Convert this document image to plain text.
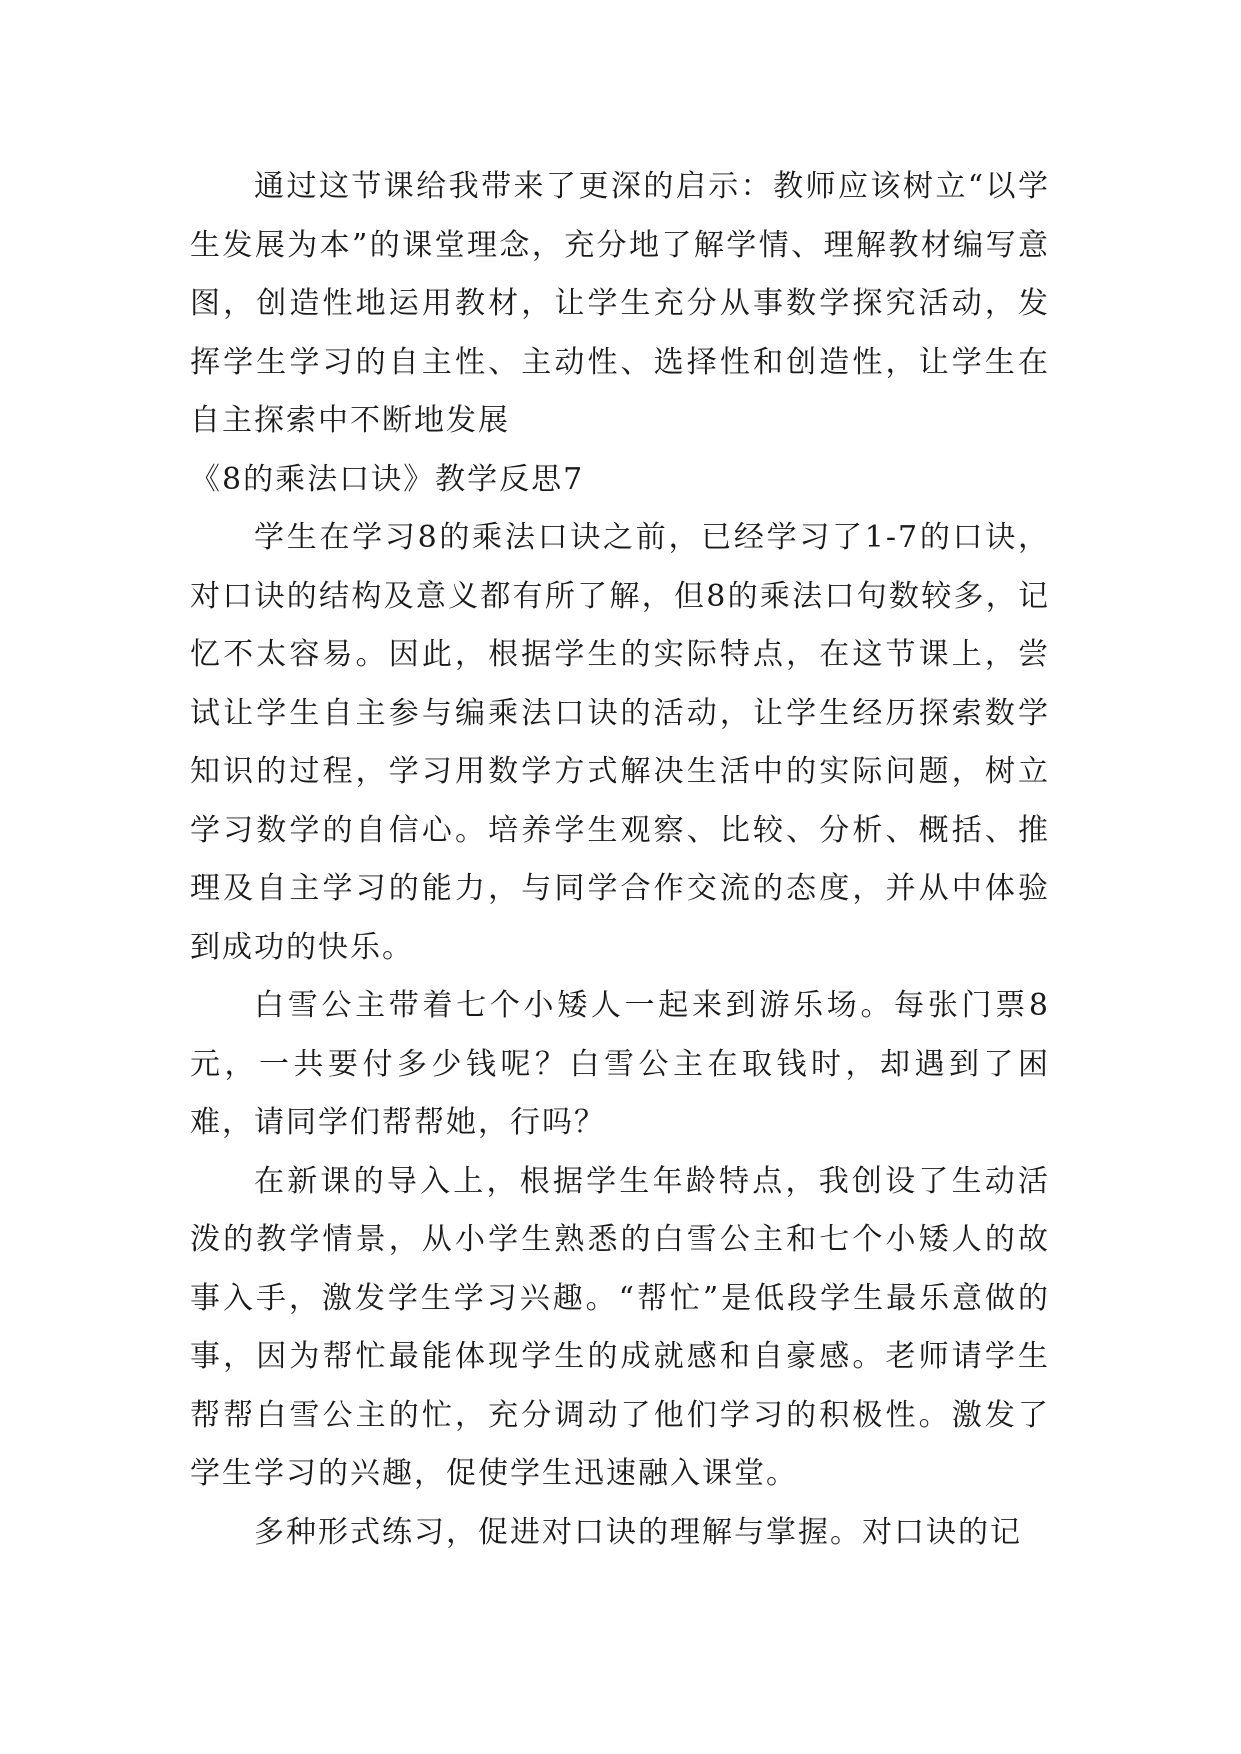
通过这节课给我带来了更深的启示：教师应该树立“以学生发展为本”的课堂理念，充分地了解学情、理解教材编写意图，创造性地运用教材，让学生充分从事数学探究活动，发挥学生学习的自主性、主动性、选择性和创造性，让学生在自主探索中不断地发展

《8的乘法口诀》教学反思7

学生在学习8的乘法口诀之前，已经学习了1-7的口诀，对口诀的结构及意义都有所了解，但8的乘法口句数较多，记忆不太容易。因此，根据学生的实际特点，在这节课上，尝试让学生自主参与编乘法口诀的活动，让学生经历探索数学知识的过程，学习用数学方式解决生活中的实际问题，树立学习数学的自信心。培养学生观察、比较、分析、概括、推理及自主学习的能力，与同学合作交流的态度，并从中体验到成功的快乐。

白雪公主带着七个小矮人一起来到游乐场。每张门票8元，一共要付多少钱呢？白雪公主在取钱时，却遇到了困难，请同学们帮帮她，行吗？

在新课的导入上，根据学生年龄特点，我创设了生动活泼的教学情景，从小学生熟悉的白雪公主和七个小矮人的故事入手，激发学生学习兴趣。“帮忙”是低段学生最乐意做的事，因为帮忙最能体现学生的成就感和自豪感。老师请学生帮帮白雪公主的忙，充分调动了他们学习的积极性。激发了学生学习的兴趣，促使学生迅速融入课堂。

多种形式练习，促进对口诀的理解与掌握。对口诀的记
